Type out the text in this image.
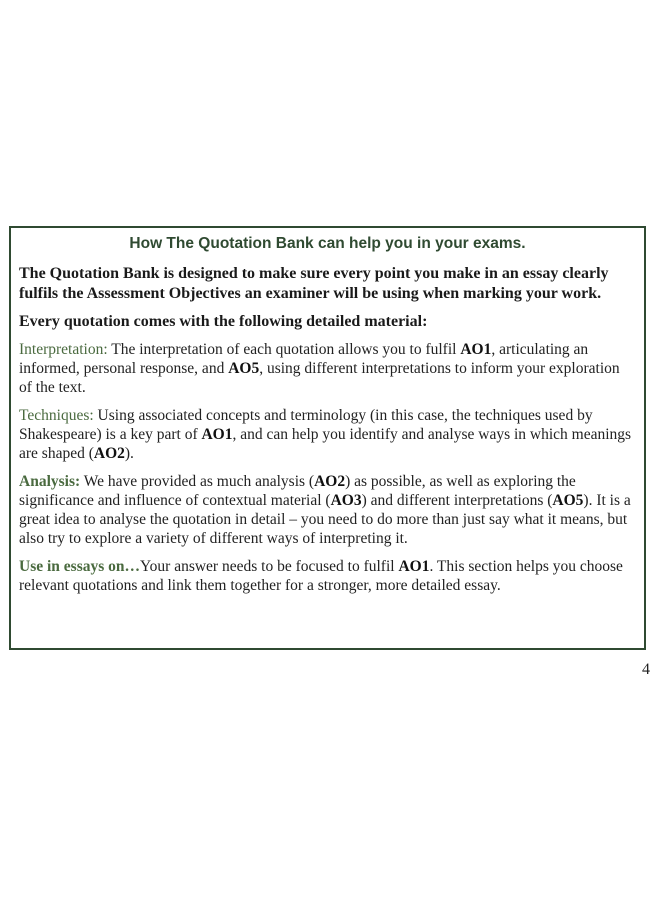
How The Quotation Bank can help you in your exams.

The Quotation Bank is designed to make sure every point you make in an essay clearly fulfils the Assessment Objectives an examiner will be using when marking your work.

Every quotation comes with the following detailed material:

Interpretation: The interpretation of each quotation allows you to fulfil AO1, articulating an informed, personal response, and AO5, using different interpretations to inform your exploration of the text.

Techniques: Using associated concepts and terminology (in this case, the techniques used by Shakespeare) is a key part of AO1, and can help you identify and analyse ways in which meanings are shaped (AO2).

Analysis: We have provided as much analysis (AO2) as possible, as well as exploring the significance and influence of contextual material (AO3) and different interpretations (AO5). It is a great idea to analyse the quotation in detail – you need to do more than just say what it means, but also try to explore a variety of different ways of interpreting it.

Use in essays on…Your answer needs to be focused to fulfil AO1. This section helps you choose relevant quotations and link them together for a stronger, more detailed essay.

4
